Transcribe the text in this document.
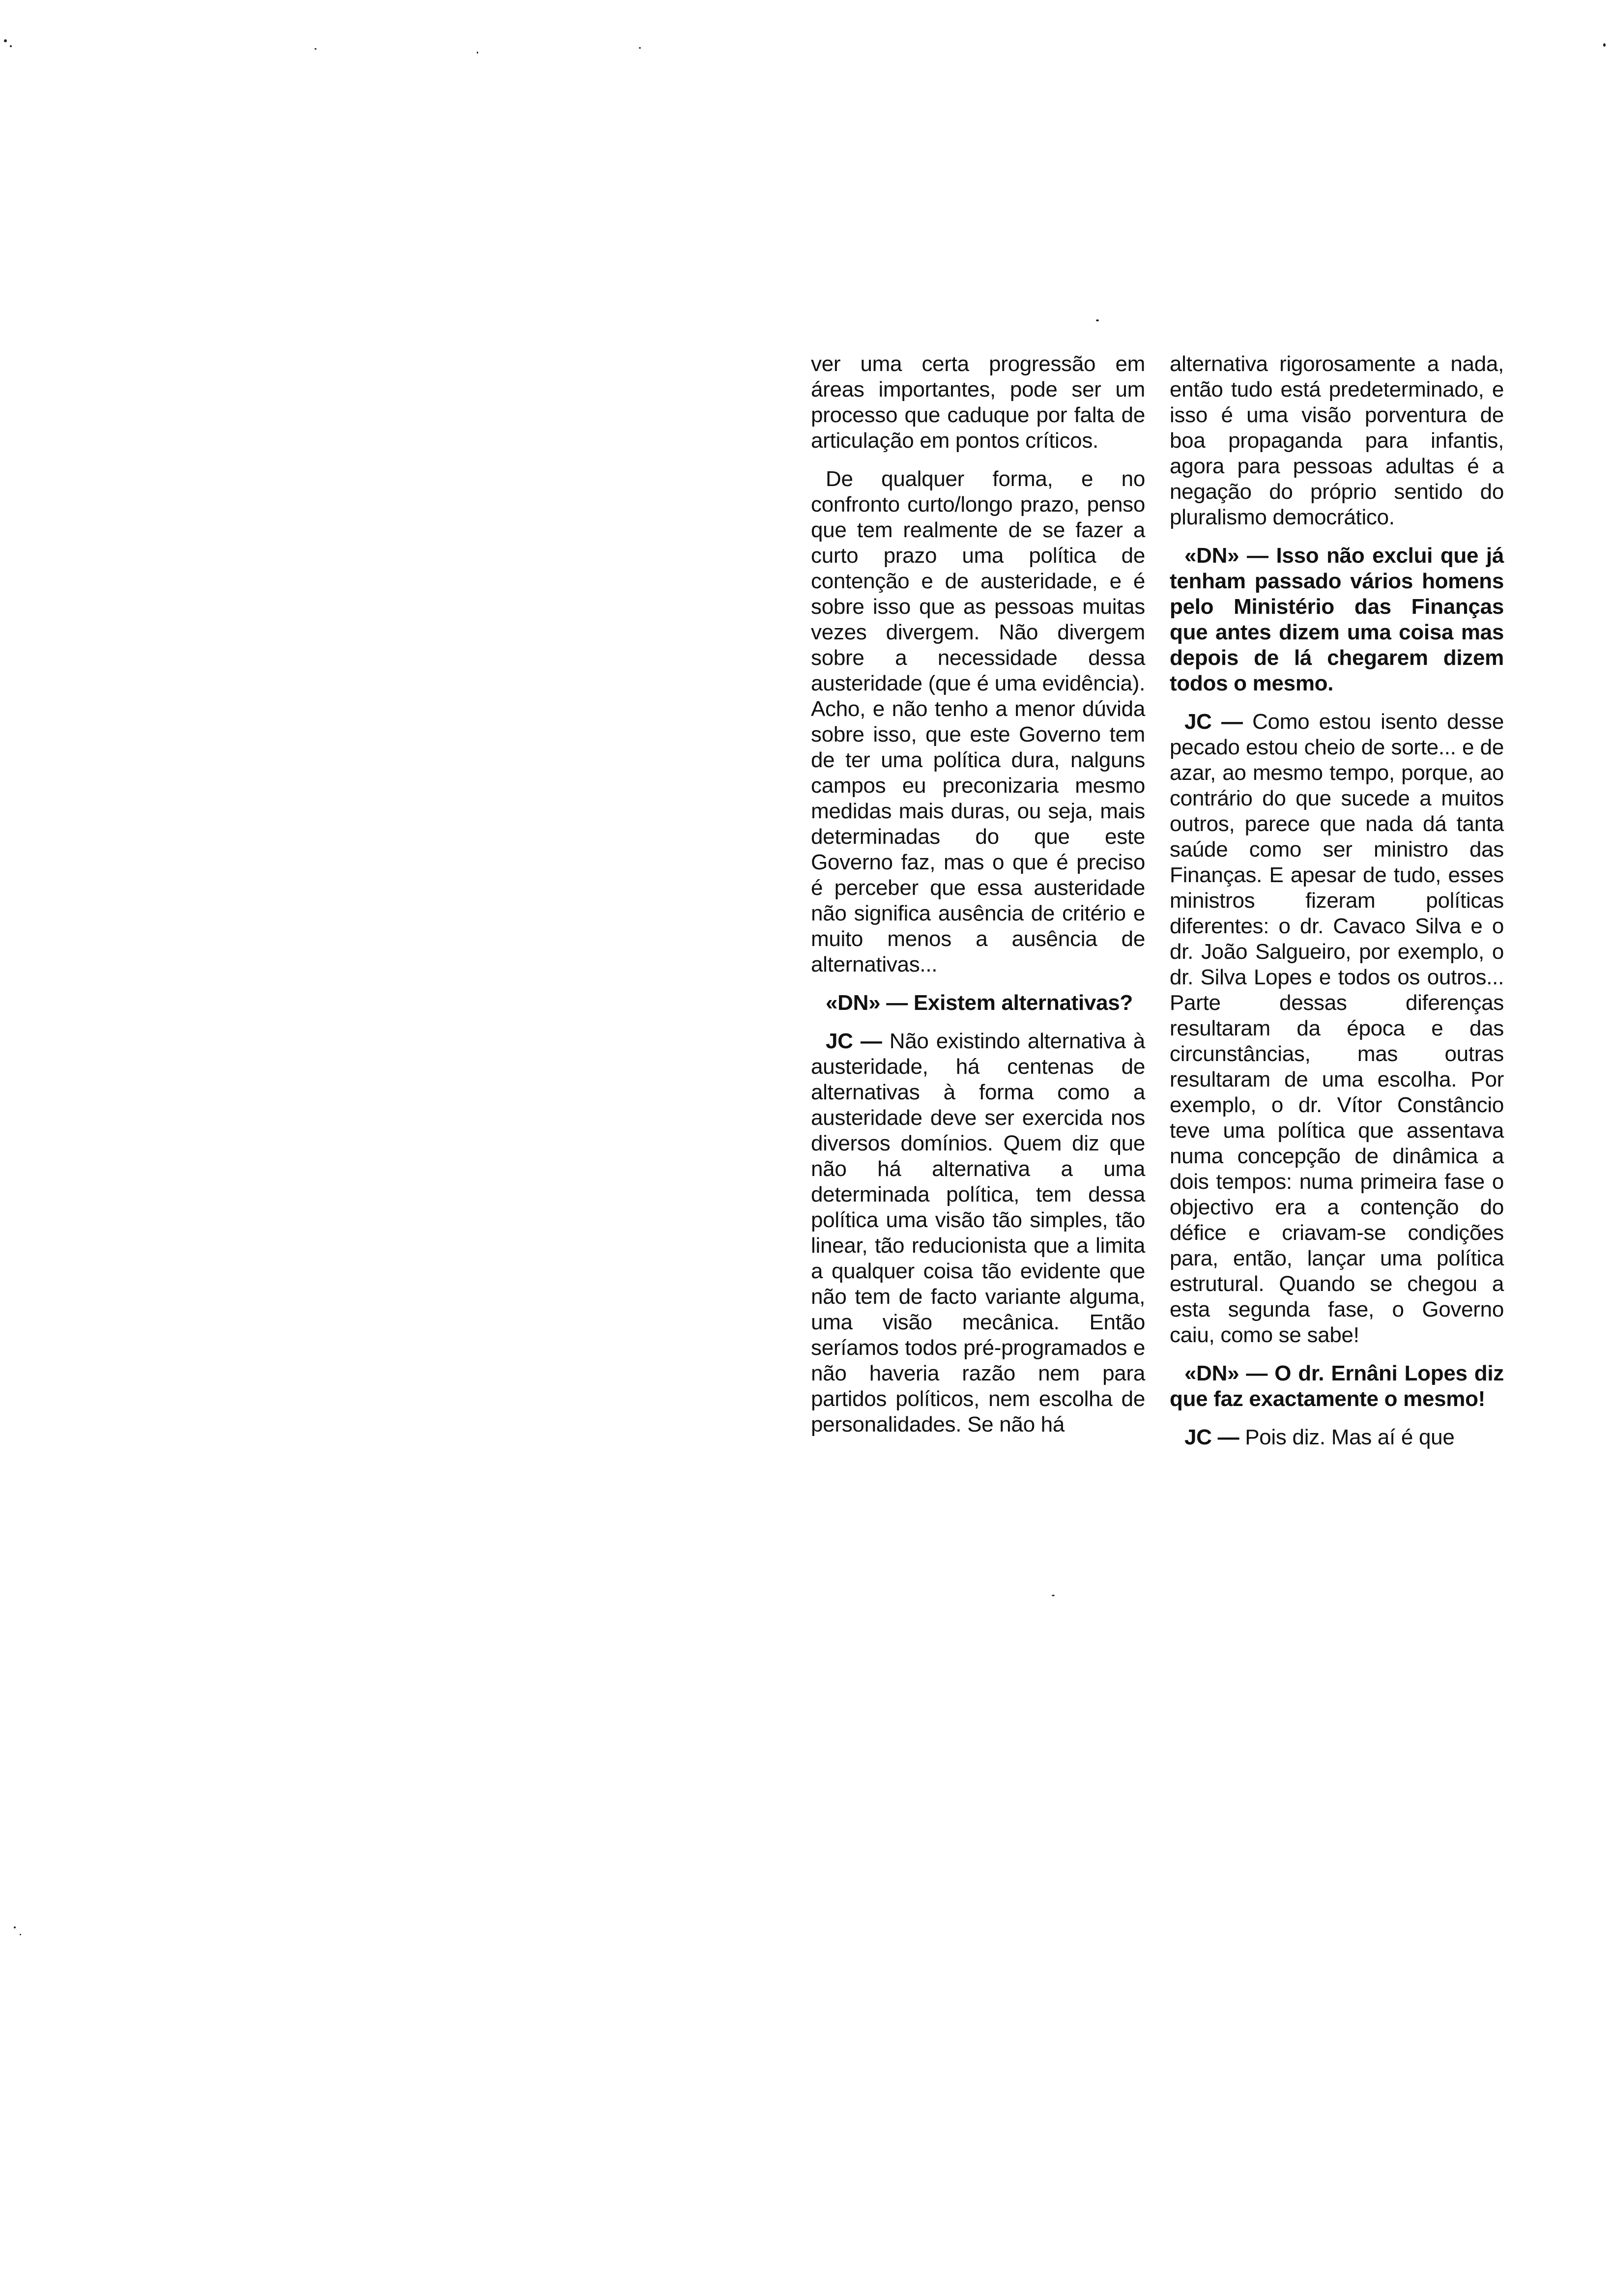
ver uma certa progressão em áreas importantes, pode ser um processo que caduque por falta de articulação em pontos críticos.

De qualquer forma, e no confronto curto/longo prazo, penso que tem realmente de se fazer a curto prazo uma política de contenção e de austeridade, e é sobre isso que as pessoas muitas vezes divergem. Não divergem sobre a necessidade dessa austeridade (que é uma evidência). Acho, e não tenho a menor dúvida sobre isso, que este Governo tem de ter uma política dura, nalguns campos eu preconizaria mesmo medidas mais duras, ou seja, mais determinadas do que este Governo faz, mas o que é preciso é perceber que essa austeridade não significa ausência de critério e muito menos a ausência de alternativas...

«DN» — Existem alternativas?

JC — Não existindo alternativa à austeridade, há centenas de alternativas à forma como a austeridade deve ser exercida nos diversos domínios. Quem diz que não há alternativa a uma determinada política, tem dessa política uma visão tão simples, tão linear, tão reducionista que a limita a qualquer coisa tão evidente que não tem de facto variante alguma, uma visão mecânica. Então seríamos todos pré-programados e não haveria razão nem para partidos políticos, nem escolha de personalidades. Se não há

alternativa rigorosamente a nada, então tudo está predeterminado, e isso é uma visão porventura de boa propaganda para infantis, agora para pessoas adultas é a negação do próprio sentido do pluralismo democrático.

«DN» — Isso não exclui que já tenham passado vários homens pelo Ministério das Finanças que antes dizem uma coisa mas depois de lá chegarem dizem todos o mesmo.

JC — Como estou isento desse pecado estou cheio de sorte... e de azar, ao mesmo tempo, porque, ao contrário do que sucede a muitos outros, parece que nada dá tanta saúde como ser ministro das Finanças. E apesar de tudo, esses ministros fizeram políticas diferentes: o dr. Cavaco Silva e o dr. João Salgueiro, por exemplo, o dr. Silva Lopes e todos os outros... Parte dessas diferenças resultaram da época e das circunstâncias, mas outras resultaram de uma escolha. Por exemplo, o dr. Vítor Constâncio teve uma política que assentava numa concepção de dinâmica a dois tempos: numa primeira fase o objectivo era a contenção do défice e criavam-se condições para, então, lançar uma política estrutural. Quando se chegou a esta segunda fase, o Governo caiu, como se sabe!

«DN» — O dr. Ernâni Lopes diz que faz exactamente o mesmo!

JC — Pois diz. Mas aí é que
